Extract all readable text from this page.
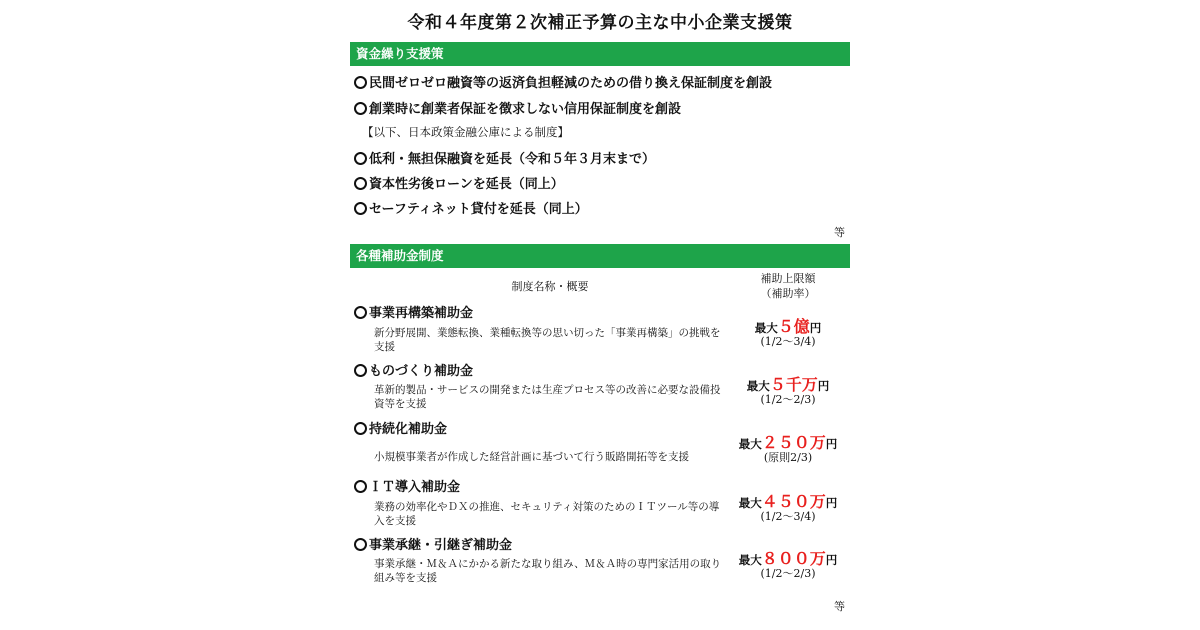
令和４年度第２次補正予算の主な中小企業支援策
資金繰り支援策
民間ゼロゼロ融資等の返済負担軽減のための借り換え保証制度を創設
創業時に創業者保証を徴求しない信用保証制度を創設
【以下、日本政策金融公庫による制度】
低利・無担保融資を延長（令和５年３月末まで）
資本性劣後ローンを延長（同上）
セーフティネット貸付を延長（同上）
等
各種補助金制度
制度名称・概要
補助上限額
（補助率）
事業再構築補助金
新分野展開、業態転換、業種転換等の思い切った「事業再構築」の挑戦を支援
最大５億円
(1/2～3/4)
ものづくり補助金
革新的製品・サービスの開発または生産プロセス等の改善に必要な設備投資等を支援
最大５千万円
(1/2～2/3)
持続化補助金
小規模事業者が作成した経営計画に基づいて行う販路開拓等を支援
最大２５０万円
(原則2/3)
ＩＴ導入補助金
業務の効率化やＤＸの推進、セキュリティ対策のためのＩＴツール等の導入を支援
最大４５０万円
(1/2～3/4)
事業承継・引継ぎ補助金
事業承継・Ｍ＆Ａにかかる新たな取り組み、Ｍ＆Ａ時の専門家活用の取り組み等を支援
最大８００万円
(1/2～2/3)
等
